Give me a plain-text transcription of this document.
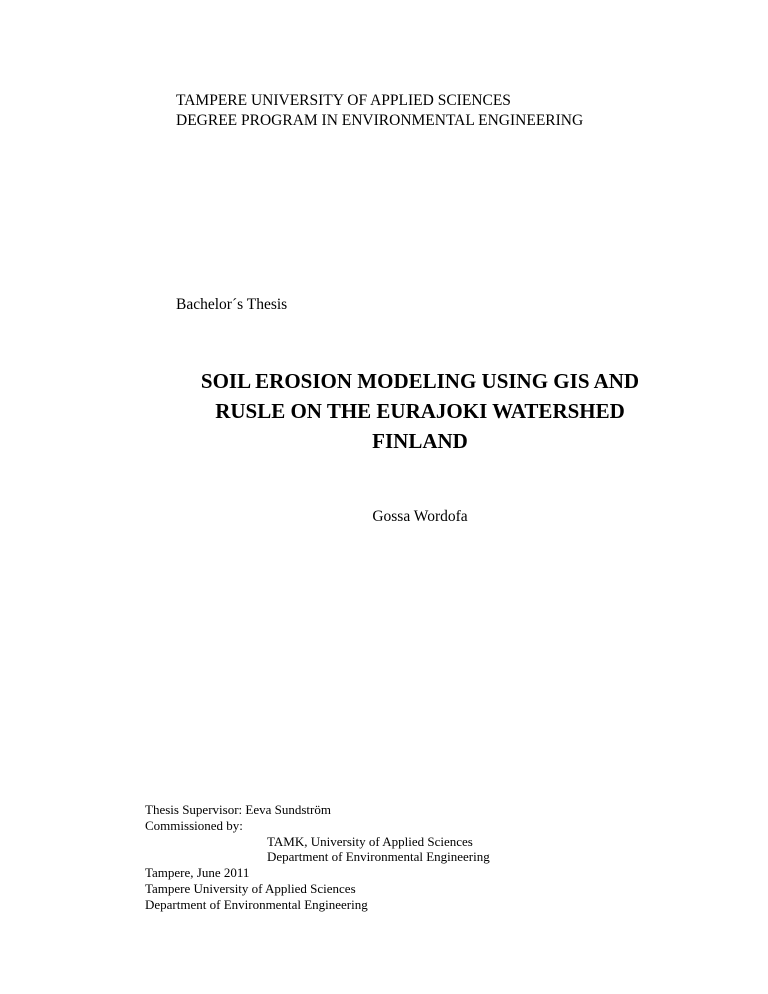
TAMPERE UNIVERSITY OF APPLIED SCIENCES
DEGREE PROGRAM IN ENVIRONMENTAL ENGINEERING
Bachelor´s Thesis
SOIL EROSION MODELING USING GIS AND
RUSLE ON THE EURAJOKI WATERSHED
FINLAND
Gossa Wordofa
Thesis Supervisor: Eeva Sundström
Commissioned by:
TAMK, University of Applied Sciences
Department of Environmental Engineering
Tampere, June 2011
Tampere University of Applied Sciences
Department of Environmental Engineering
